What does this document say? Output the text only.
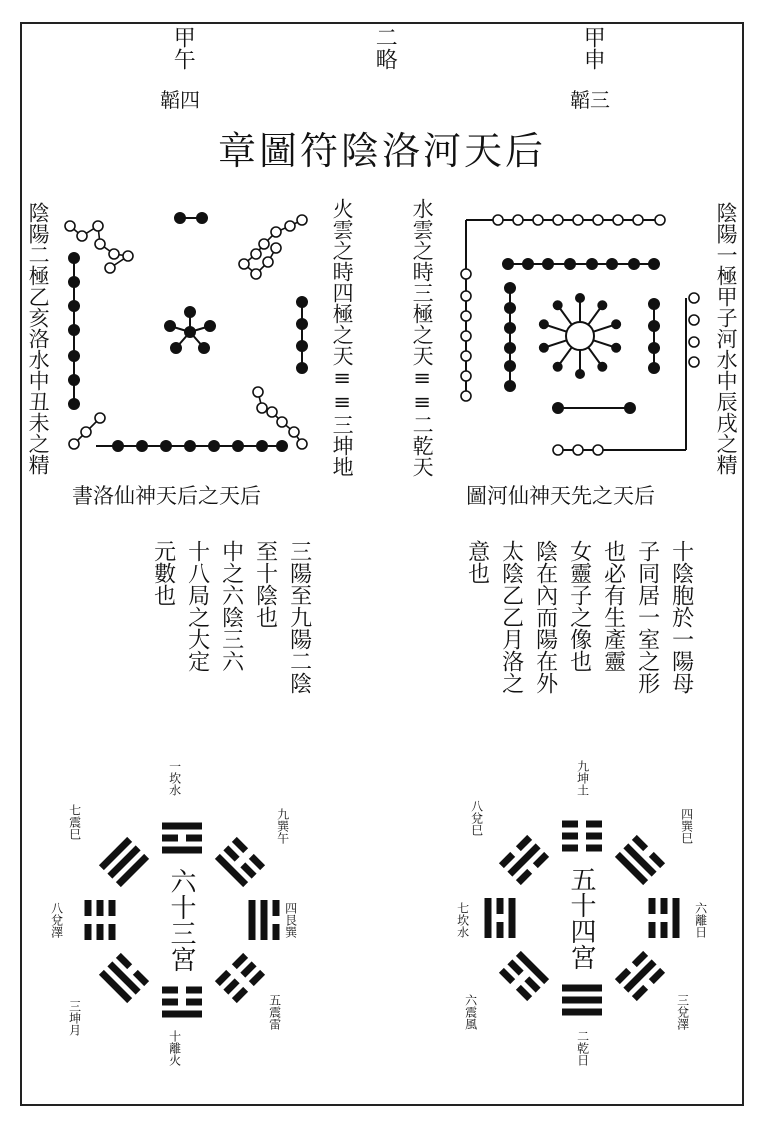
甲午
韜四
二略	甲申
韜三
章圖符陰洛河天后
陰陽二極乙亥洛水中丑未之精	陰陽一極甲子河水中辰戌之精
火雲之時四極之天≡≡三坤地	水雲之時三極之天≡≡二乾天
書洛仙神天后之天后	圖河仙神天先之天后
三陽至九陽二陰
至十陰也
中之六陰三六
十八局之大定
元數也	十陰胞於一陽母
子同居一室之形
也必有生產靈
女靈子之像也
陰在內而陽在外
太陰乙乙月洛之
意也
六十三宮	五十四宮
一坎水
七震巳	九巽午
八兌澤	四艮巽
三坤月	五震雷
十離火
九坤土
八兌巳	四巽巳
七坎水	六離日
六震風	三兌澤
二乾日
